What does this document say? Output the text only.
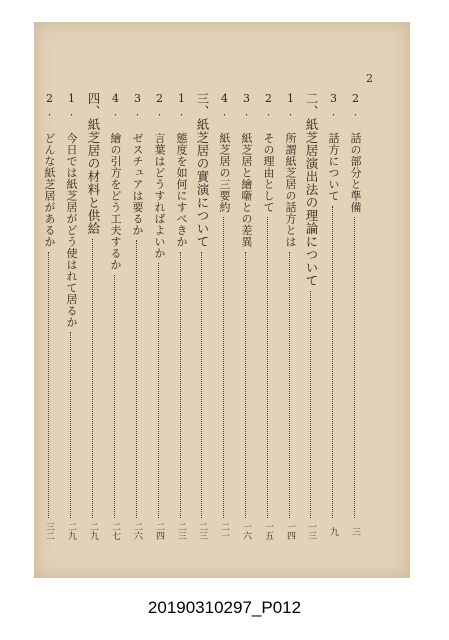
2
2. 話の部分と準備
三
3. 話方について
九
二、紙芝居演出法の理論について
一三
1. 所謂紙芝居の話方とは
一四
2. その理由として
一五
3. 紙芝居と繪噺との差異
一六
4. 紙芝居の三要約
二一
三、紙芝居の實演について
二三
1. 態度を如何にすべきか
二三
2. 言葉はどうすればよいか
二四
3. ゼスチュアは要るか
二六
4. 繪の引方をどう工夫するか
二七
四、紙芝居の材料と供給
二九
1. 今日では紙芝居がどう使はれて居るか
二九
2. どんな紙芝居があるか
三二
20190310297_P012
